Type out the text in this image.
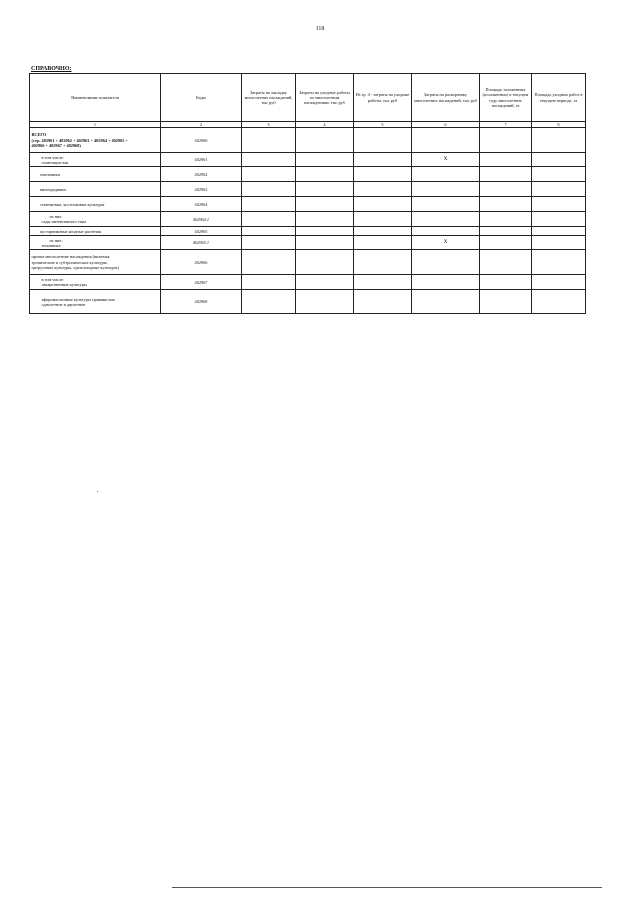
118
СПРАВОЧНО:
Наименование показателя	Коды	Затраты на закладку многолетних насаждений, тыс руб	Затраты на уходные работы по многолетним насаждениям, тыс руб	Из гр. 4 - затраты на уходные работы, тыс руб	Затраты на раскорчевку многолетних насаждений, тыс руб	Площадь заложенных (посаженных) в текущем году многолетних насаждений, га	Площадь уходных работ в текущем периоде, га
1	2	3	4	5	6	7	8

ВСЕГО
(стр. 402961 + 402962 + 402963 + 402964 + 402965 +
402966 + 402967 + 402968)	402960						

в том числе:
плантации чая	402961				Х		
хмельники	402962						
виноградники	402963						
семечковые, косточковые культуры	402964						

из них:
сады интенсивного типа	402964.1						
кустарниковые ягодные растения	402965						

из них:
земляника	402965.1				Х		

прочие многолетние насаждения (включая
тропические и субтропические культуры,
цитрусовые культуры, орехоплодные культуры)	402966						

в том числе:
лекарственные культуры	402967						

эфиромасличные культуры травянистые
однолетние и двулетние	402968						
